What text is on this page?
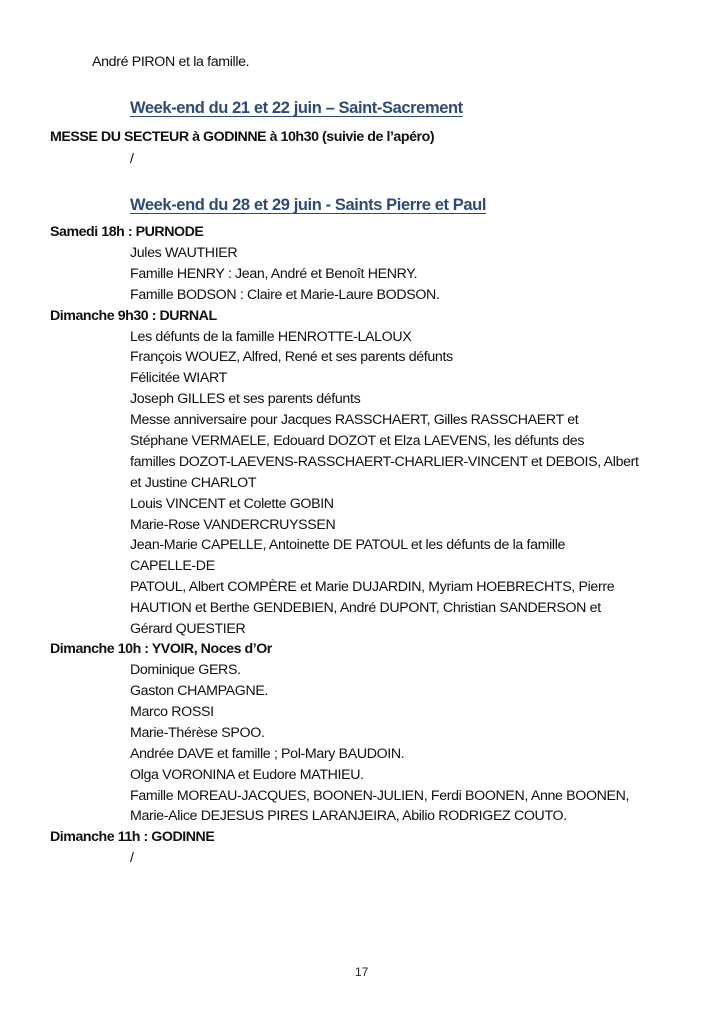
André PIRON et la famille.
Week-end du 21 et 22 juin – Saint-Sacrement
MESSE DU SECTEUR à GODINNE à 10h30 (suivie de l’apéro)
/
Week-end du 28 et 29 juin - Saints Pierre et Paul
Samedi 18h : PURNODE
Jules WAUTHIER
Famille HENRY : Jean, André et Benoît HENRY.
Famille BODSON : Claire et Marie-Laure BODSON.
Dimanche 9h30 : DURNAL
Les défunts de la famille HENROTTE-LALOUX
François WOUEZ, Alfred, René et ses parents défunts
Félicitée WIART
Joseph GILLES et ses parents défunts
Messe anniversaire pour Jacques RASSCHAERT, Gilles RASSCHAERT et
Stéphane VERMAELE, Edouard DOZOT et Elza LAEVENS, les défunts des
familles DOZOT-LAEVENS-RASSCHAERT-CHARLIER-VINCENT et DEBOIS, Albert
et Justine CHARLOT
Louis VINCENT et Colette GOBIN
Marie-Rose VANDERCRUYSSEN
Jean-Marie CAPELLE, Antoinette DE PATOUL et les défunts de la famille
CAPELLE-DE
PATOUL, Albert COMPÈRE et Marie DUJARDIN, Myriam HOEBRECHTS, Pierre
HAUTION et Berthe GENDEBIEN, André DUPONT, Christian SANDERSON et
Gérard QUESTIER
Dimanche 10h : YVOIR, Noces d’Or
Dominique GERS.
Gaston CHAMPAGNE.
Marco ROSSI
Marie-Thérèse SPOO.
Andrée DAVE et famille ; Pol-Mary BAUDOIN.
Olga VORONINA et Eudore MATHIEU.
Famille MOREAU-JACQUES, BOONEN-JULIEN, Ferdi BOONEN, Anne BOONEN,
Marie-Alice DEJESUS PIRES LARANJEIRA, Abilio RODRIGEZ COUTO.
Dimanche 11h : GODINNE
/
17
